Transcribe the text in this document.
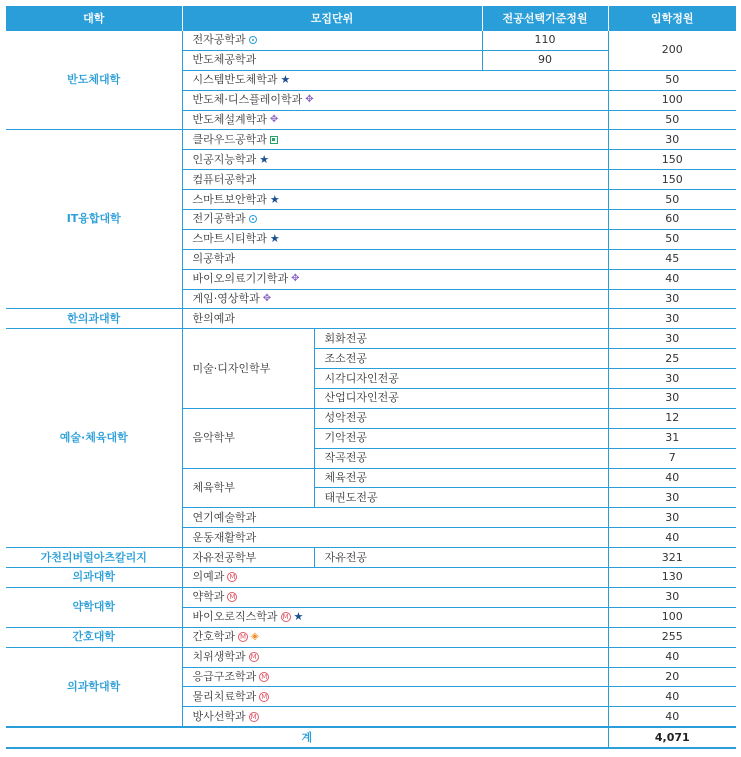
대학	모집단위		전공선택기준정원	입학정원
반도체대학	전자공학과		110	200
	반도체공학과		90	
	시스템반도체학과 ★			50
	반도체·디스플레이학과 ✥			100
	반도체설계학과 ✥			50
IT융합대학	클라우드공학과			30
	인공지능학과 ★			150
	컴퓨터공학과			150
	스마트보안학과 ★			50
	전기공학과			60
	스마트시티학과 ★			50
	의공학과			45
	바이오의료기기학과 ✥			40
	게임·영상학과 ✥			30
한의과대학	한의예과			30
예술·체육대학	미술·디자인학부	회화전공		30
		조소전공		25
		시각디자인전공		30
		산업디자인전공		30
	음악학부	성악전공		12
		기악전공		31
		작곡전공		7
	체육학부	체육전공		40
		태권도전공		30
	연기예술학과			30
	운동재활학과			40
가천리버럴아츠칼리지	자유전공학부	자유전공		321
의과대학	의예과 M			130
약학대학	약학과 M			30
	바이오로직스학과 M ★			100
간호대학	간호학과 M ◈			255
의과학대학	치위생학과 M			40
	응급구조학과 M			20
	물리치료학과 M			40
	방사선학과 M			40
계				4,071
